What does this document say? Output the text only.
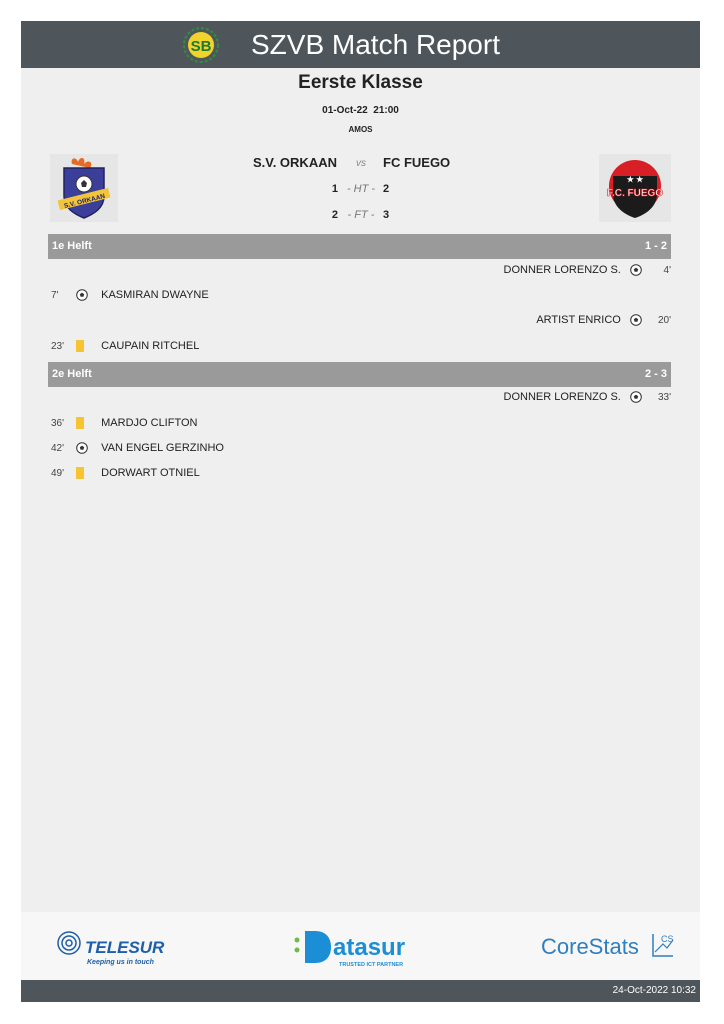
SB SZVB Match Report
Eerste Klasse
01-Oct-22 21:00
AMOS
S.V. ORKAAN
S.V. ORKAAN	vs	FC FUEGO
★ ★
F.C. FUEGO
1 - HT - 2
2 - FT - 3
1e Helft	1 - 2
DONNER LORENZO S.	4'
7'	KASMIRAN DWAYNE
ARTIST ENRICO	20'
23'	CAUPAIN RITCHEL
2e Helft	2 - 3
DONNER LORENZO S.	33'
36'	MARDJO CLIFTON
42'	VAN ENGEL GERZINHO
49'	DORWART OTNIEL
TELESUR
Keeping us in touch
atasur
TRUSTED ICT PARTNER
CoreStats CS
24-Oct-2022 10:32
